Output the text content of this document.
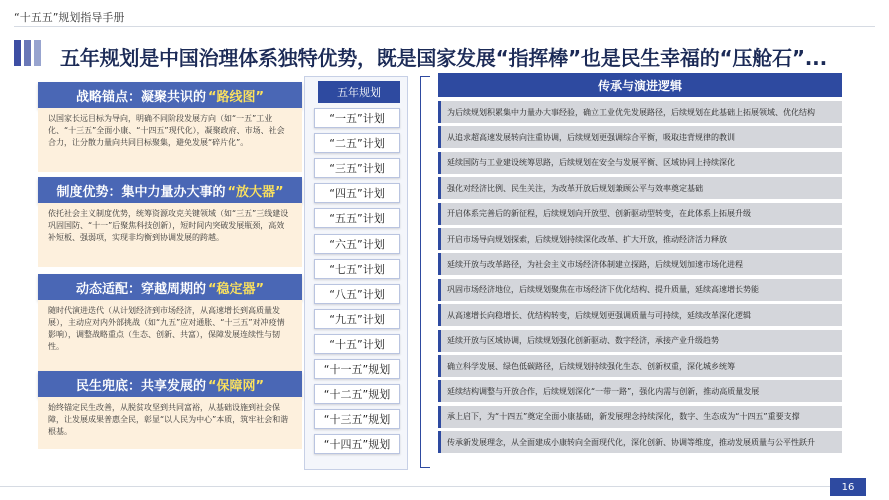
“十五五”规划指导手册
五年规划是中国治理体系独特优势，既是国家发展“指挥棒”也是民生幸福的“压舱石”...
战略锚点：凝聚共识的 “路线图”
以国家长远目标为导向，明确不同阶段发展方向（如“一五”工业化、“十三五”全面小康、“十四五”现代化），凝聚政府、市场、社会合力，让分散力量向共同目标聚集，避免发展“碎片化”。
制度优势：集中力量办大事的 “放大器”
依托社会主义制度优势，统筹资源攻克关键领域（如“三五”三线建设巩固国防、“十一”后聚焦科技创新），短时间内突破发展瓶颈，高效补短板、强弱项，实现非均衡到协调发展的跨越。
动态适配：穿越周期的 “稳定器”
随时代演进迭代（从计划经济到市场经济，从高速增长到高质量发展），主动应对内外部挑战（如“九五”应对通胀、“十三五”对冲疫情影响），调整战略重点（生态、创新、共富），保障发展连续性与韧性。
民生兜底：共享发展的 “保障网”
始终锚定民生改善，从脱贫攻坚到共同富裕，从基础设施到社会保障，让发展成果普惠全民，彰显“以人民为中心”本质，筑牢社会和谐根基。
五年规划
“一五”计划
“二五”计划
“三五”计划
“四五”计划
“五五”计划
“六五”计划
“七五”计划
“八五”计划
“九五”计划
“十五”计划
“十一五”规划
“十二五”规划
“十三五”规划
“十四五”规划
传承与演进逻辑
为后续规划积累集中力量办大事经验，确立工业优先发展路径，后续规划在此基础上拓展领域、优化结构
从追求超高速发展转向注重协调，后续规划更强调综合平衡，吸取违背规律的教训
延续国防与工业建设统筹思路，后续规划在安全与发展平衡、区域协同上持续深化
强化对经济比例、民生关注，为改革开放后规划兼顾公平与效率奠定基础
开启体系完善后的新征程，后续规划向开放型、创新驱动型转变，在此体系上拓展升级
开启市场导向规划探索，后续规划持续深化改革、扩大开放，推动经济活力释放
延续开放与改革路径，为社会主义市场经济体制建立探路，后续规划加速市场化进程
巩固市场经济地位，后续规划聚焦在市场经济下优化结构、提升质量，延续高速增长势能
从高速增长向稳增长、优结构转变，后续规划更强调质量与可持续，延续改革深化逻辑
延续开放与区域协调，后续规划强化创新驱动、数字经济，承接产业升级趋势
确立科学发展、绿色低碳路径，后续规划持续强化生态、创新权重，深化城乡统筹
延续结构调整与开放合作，后续规划深化“一带一路”，强化内需与创新，推动高质量发展
承上启下，为“十四五”奠定全面小康基础，新发展理念持续深化，数字、生态成为“十四五”重要支撑
传承新发展理念，从全面建成小康转向全面现代化，深化创新、协调等维度，推动发展质量与公平性跃升
16
